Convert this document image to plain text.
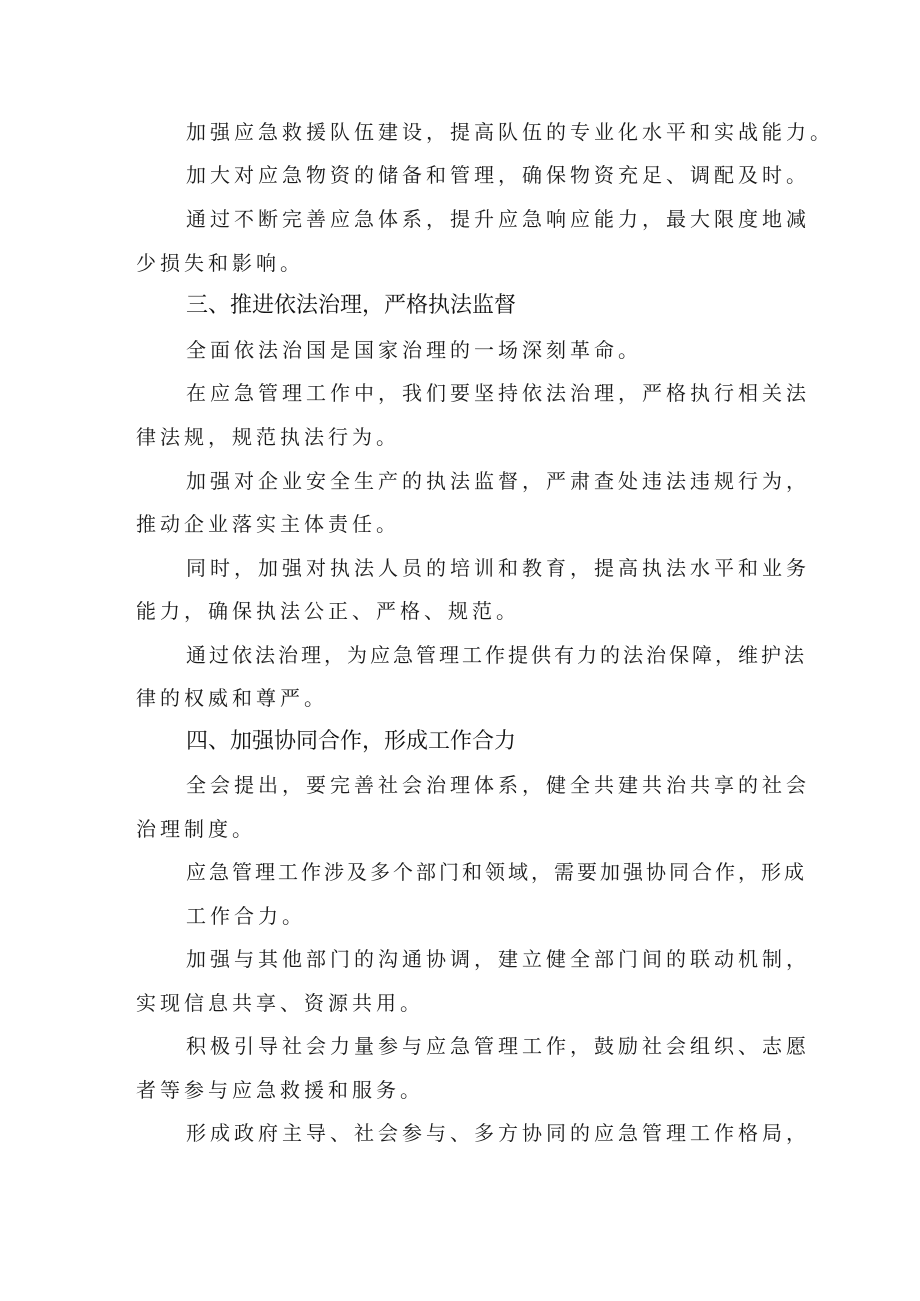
加强应急救援队伍建设，提高队伍的专业化水平和实战能力。
加大对应急物资的储备和管理，确保物资充足、调配及时。
通过不断完善应急体系，提升应急响应能力，最大限度地减
少损失和影响。
三、推进依法治理，严格执法监督
全面依法治国是国家治理的一场深刻革命。
在应急管理工作中，我们要坚持依法治理，严格执行相关法
律法规，规范执法行为。
加强对企业安全生产的执法监督，严肃查处违法违规行为，
推动企业落实主体责任。
同时，加强对执法人员的培训和教育，提高执法水平和业务
能力，确保执法公正、严格、规范。
通过依法治理，为应急管理工作提供有力的法治保障，维护法
律的权威和尊严。
四、加强协同合作，形成工作合力
全会提出，要完善社会治理体系，健全共建共治共享的社会
治理制度。
应急管理工作涉及多个部门和领域，需要加强协同合作，形成
工作合力。
加强与其他部门的沟通协调，建立健全部门间的联动机制，
实现信息共享、资源共用。
积极引导社会力量参与应急管理工作，鼓励社会组织、志愿
者等参与应急救援和服务。
形成政府主导、社会参与、多方协同的应急管理工作格局，
